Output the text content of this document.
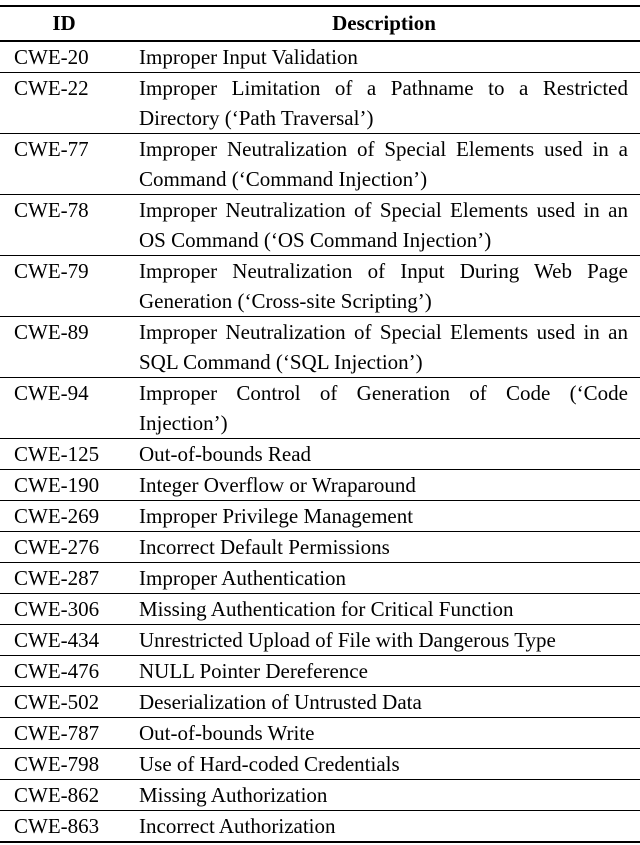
ID	Description
CWE-20	Improper Input Validation
CWE-22	Improper Limitation of a Pathname to a Restricted Directory (‘Path Traversal’)
CWE-77	Improper Neutralization of Special Elements used in a Command (‘Command Injection’)
CWE-78	Improper Neutralization of Special Elements used in an OS Command (‘OS Command Injection’)
CWE-79	Improper Neutralization of Input During Web Page Generation (‘Cross-site Scripting’)
CWE-89	Improper Neutralization of Special Elements used in an SQL Command (‘SQL Injection’)
CWE-94	Improper Control of Generation of Code (‘Code Injection’)
CWE-125	Out-of-bounds Read
CWE-190	Integer Overflow or Wraparound
CWE-269	Improper Privilege Management
CWE-276	Incorrect Default Permissions
CWE-287	Improper Authentication
CWE-306	Missing Authentication for Critical Function
CWE-434	Unrestricted Upload of File with Dangerous Type
CWE-476	NULL Pointer Dereference
CWE-502	Deserialization of Untrusted Data
CWE-787	Out-of-bounds Write
CWE-798	Use of Hard-coded Credentials
CWE-862	Missing Authorization
CWE-863	Incorrect Authorization
